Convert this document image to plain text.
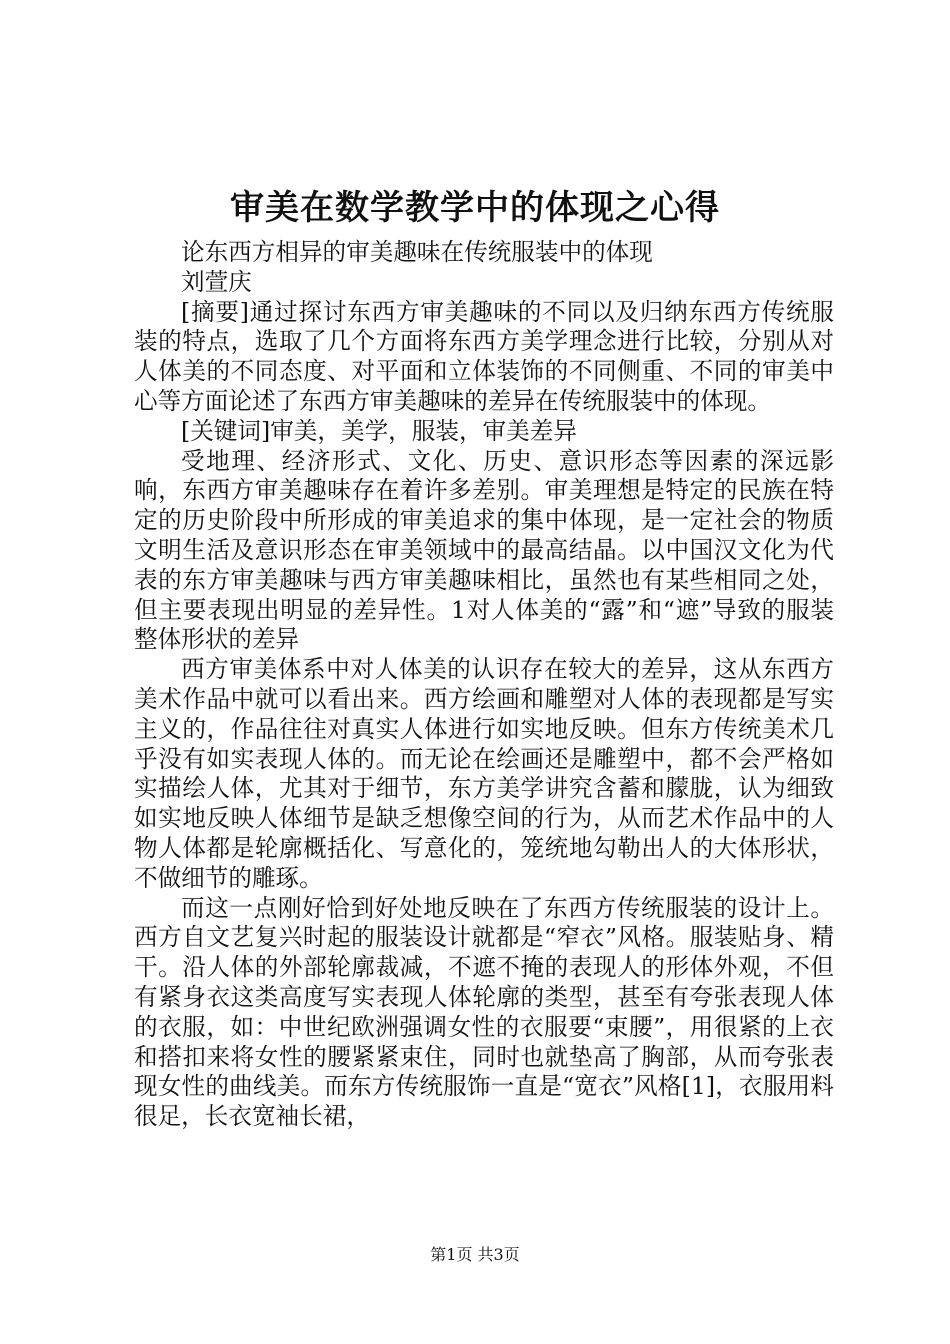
审美在数学教学中的体现之心得

论东西方相异的审美趣味在传统服装中的体现

刘萱庆

[摘要]通过探讨东西方审美趣味的不同以及归纳东西方传统服装的特点，选取了几个方面将东西方美学理念进行比较，分别从对人体美的不同态度、对平面和立体装饰的不同侧重、不同的审美中心等方面论述了东西方审美趣味的差异在传统服装中的体现。

[关键词]审美，美学，服装，审美差异

受地理、经济形式、文化、历史、意识形态等因素的深远影响，东西方审美趣味存在着许多差别。审美理想是特定的民族在特定的历史阶段中所形成的审美追求的集中体现，是一定社会的物质文明生活及意识形态在审美领域中的最高结晶。以中国汉文化为代表的东方审美趣味与西方审美趣味相比，虽然也有某些相同之处，但主要表现出明显的差异性。1对人体美的“露”和“遮”导致的服装整体形状的差异

西方审美体系中对人体美的认识存在较大的差异，这从东西方美术作品中就可以看出来。西方绘画和雕塑对人体的表现都是写实主义的，作品往往对真实人体进行如实地反映。但东方传统美术几乎没有如实表现人体的。而无论在绘画还是雕塑中，都不会严格如实描绘人体，尤其对于细节，东方美学讲究含蓄和朦胧，认为细致如实地反映人体细节是缺乏想像空间的行为，从而艺术作品中的人物人体都是轮廓概括化、写意化的，笼统地勾勒出人的大体形状，不做细节的雕琢。

而这一点刚好恰到好处地反映在了东西方传统服装的设计上。西方自文艺复兴时起的服装设计就都是“窄衣”风格。服装贴身、精干。沿人体的外部轮廓裁减，不遮不掩的表现人的形体外观，不但有紧身衣这类高度写实表现人体轮廓的类型，甚至有夸张表现人体的衣服，如：中世纪欧洲强调女性的衣服要“束腰”，用很紧的上衣和搭扣来将女性的腰紧紧束住，同时也就垫高了胸部，从而夸张表现女性的曲线美。而东方传统服饰一直是“宽衣”风格[1]，衣服用料很足，长衣宽袖长裙，

第1页 共3页
